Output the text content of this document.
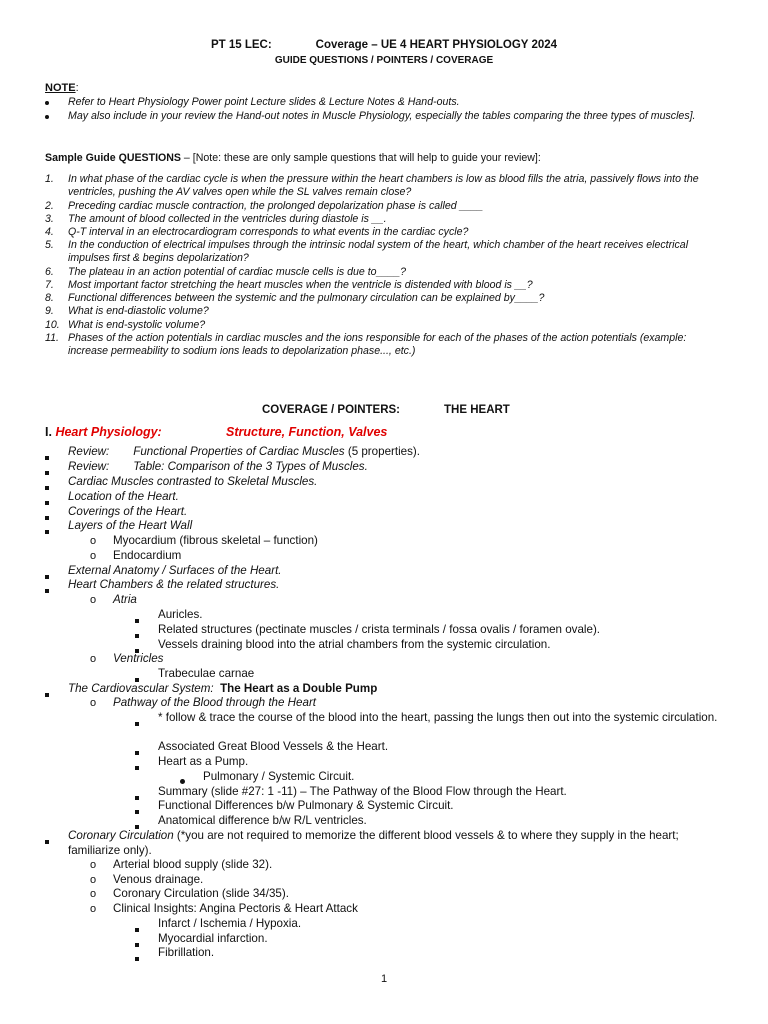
PT 15 LEC:	Coverage – UE 4 HEART PHYSIOLOGY 2024
GUIDE QUESTIONS / POINTERS / COVERAGE
NOTE:
Refer to Heart Physiology Power point Lecture slides & Lecture Notes & Hand-outs.
May also include in your review the Hand-out notes in Muscle Physiology, especially the tables comparing the three types of muscles].
Sample Guide QUESTIONS – [Note: these are only sample questions that will help to guide your review]:
1. In what phase of the cardiac cycle is when the pressure within the heart chambers is low as blood fills the atria, passively flows into the ventricles, pushing the AV valves open while the SL valves remain close?
2. Preceding cardiac muscle contraction, the prolonged depolarization phase is called ____
3. The amount of blood collected in the ventricles during diastole is __.
4. Q-T interval in an electrocardiogram corresponds to what events in the cardiac cycle?
5. In the conduction of electrical impulses through the intrinsic nodal system of the heart, which chamber of the heart receives electrical impulses first & begins depolarization?
6. The plateau in an action potential of cardiac muscle cells is due to____?
7. Most important factor stretching the heart muscles when the ventricle is distended with blood is __?
8. Functional differences between the systemic and the pulmonary circulation can be explained by____?
9. What is end-diastolic volume?
10. What is end-systolic volume?
11. Phases of the action potentials in cardiac muscles and the ions responsible for each of the phases of the action potentials (example: increase permeability to sodium ions leads to depolarization phase..., etc.)
COVERAGE / POINTERS:	THE HEART
I. Heart Physiology:	Structure, Function, Valves
Review: Functional Properties of Cardiac Muscles (5 properties).
Review: Table: Comparison of the 3 Types of Muscles.
Cardiac Muscles contrasted to Skeletal Muscles.
Location of the Heart.
Coverings of the Heart.
Layers of the Heart Wall
o Myocardium (fibrous skeletal – function)
o Endocardium
External Anatomy / Surfaces of the Heart.
Heart Chambers & the related structures.
o Atria
Auricles.
Related structures (pectinate muscles / crista terminals / fossa ovalis / foramen ovale).
Vessels draining blood into the atrial chambers from the systemic circulation.
o Ventricles
Trabeculae carnae
The Cardiovascular System: The Heart as a Double Pump
o Pathway of the Blood through the Heart
* follow & trace the course of the blood into the heart, passing the lungs then out into the systemic circulation.
Associated Great Blood Vessels & the Heart.
Heart as a Pump.
Pulmonary / Systemic Circuit.
Summary (slide #27: 1 -11) – The Pathway of the Blood Flow through the Heart.
Functional Differences b/w Pulmonary & Systemic Circuit.
Anatomical difference b/w R/L ventricles.
Coronary Circulation (*you are not required to memorize the different blood vessels & to where they supply in the heart; familiarize only).
o Arterial blood supply (slide 32).
o Venous drainage.
o Coronary Circulation (slide 34/35).
o Clinical Insights: Angina Pectoris & Heart Attack
Infarct / Ischemia / Hypoxia.
Myocardial infarction.
Fibrillation.
1
